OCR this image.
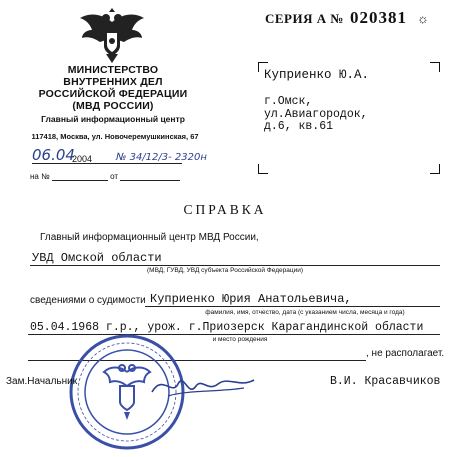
МИНИСТЕРСТВО
ВНУТРЕННИХ ДЕЛ
РОССИЙСКОЙ ФЕДЕРАЦИИ
(МВД РОССИИ)
Главный информационный центр
117418, Москва, ул. Новочеремушкинская, 67
СЕРИЯ А № 020381 ☼
Куприенко Ю.А.
г.Омск,
ул.Авиагородок,
д.6, кв.61
06.04
2004 № 34/12/3- 2320н
на №	от
СПРАВКА
Главный информационный центр МВД России,
УВД Омской области
(МВД, ГУВД, УВД субъекта Российской Федерации)
сведениями о судимости Куприенко Юрия Анатольевича,
фамилия, имя, отчество, дата (с указанием числа, месяца и года)
05.04.1968 г.р., урож. г.Приозерск Карагандинской области
и место рождения
, не располагает.
Зам.Начальник	В.И. Красавчиков
